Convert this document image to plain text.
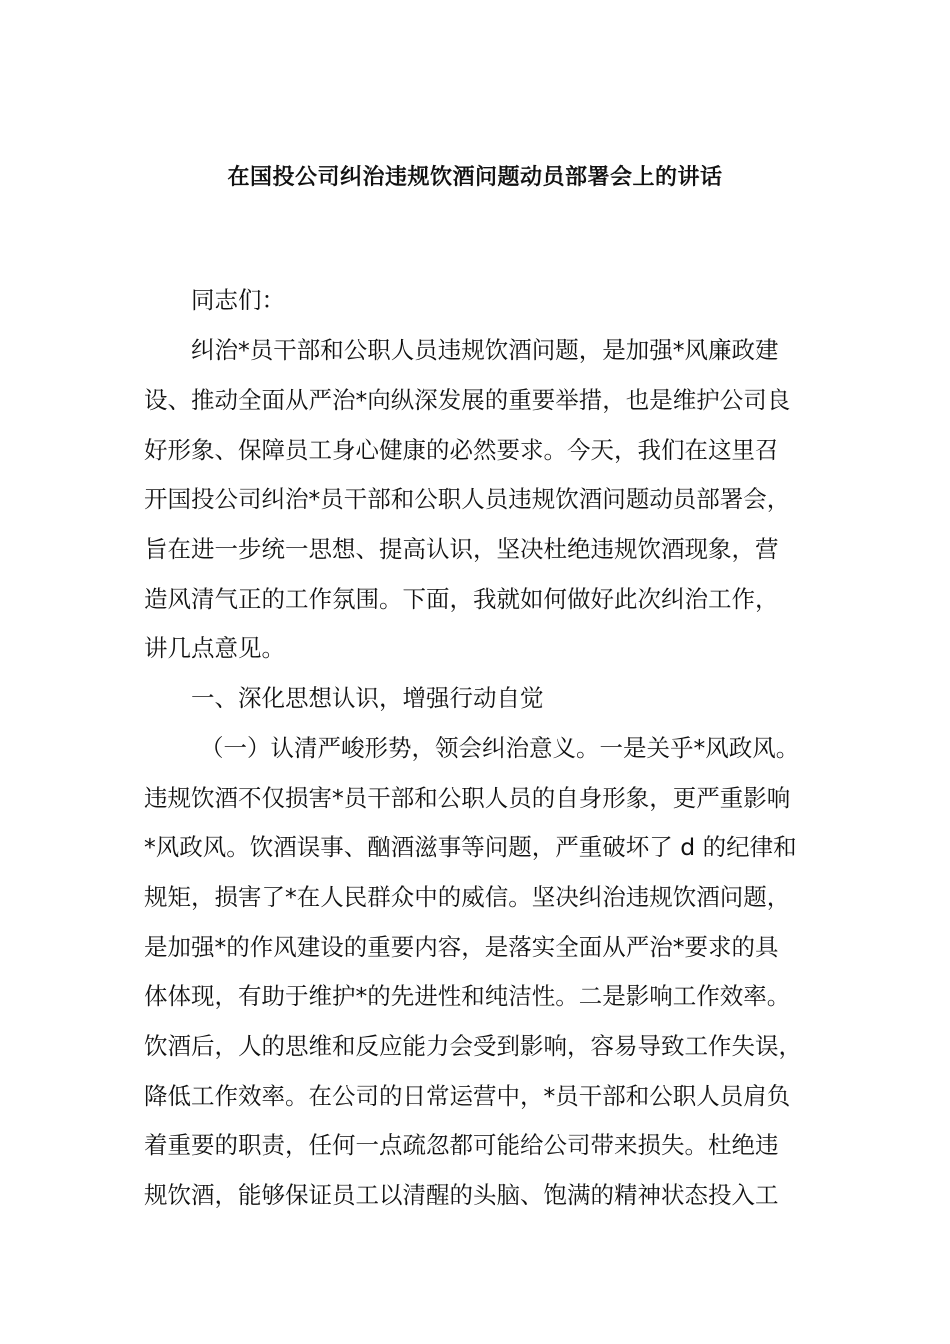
在国投公司纠治违规饮酒问题动员部署会上的讲话
同志们：
纠治*员干部和公职人员违规饮酒问题，是加强*风廉政建
设、推动全面从严治*向纵深发展的重要举措，也是维护公司良
好形象、保障员工身心健康的必然要求。今天，我们在这里召
开国投公司纠治*员干部和公职人员违规饮酒问题动员部署会，
旨在进一步统一思想、提高认识，坚决杜绝违规饮酒现象，营
造风清气正的工作氛围。下面，我就如何做好此次纠治工作，
讲几点意见。
一、深化思想认识，增强行动自觉
（一）认清严峻形势，领会纠治意义。一是关乎*风政风。
违规饮酒不仅损害*员干部和公职人员的自身形象，更严重影响
*风政风。饮酒误事、酗酒滋事等问题，严重破坏了 d 的纪律和
规矩，损害了*在人民群众中的威信。坚决纠治违规饮酒问题，
是加强*的作风建设的重要内容，是落实全面从严治*要求的具
体体现，有助于维护*的先进性和纯洁性。二是影响工作效率。
饮酒后，人的思维和反应能力会受到影响，容易导致工作失误，
降低工作效率。在公司的日常运营中，*员干部和公职人员肩负
着重要的职责，任何一点疏忽都可能给公司带来损失。杜绝违
规饮酒，能够保证员工以清醒的头脑、饱满的精神状态投入工
